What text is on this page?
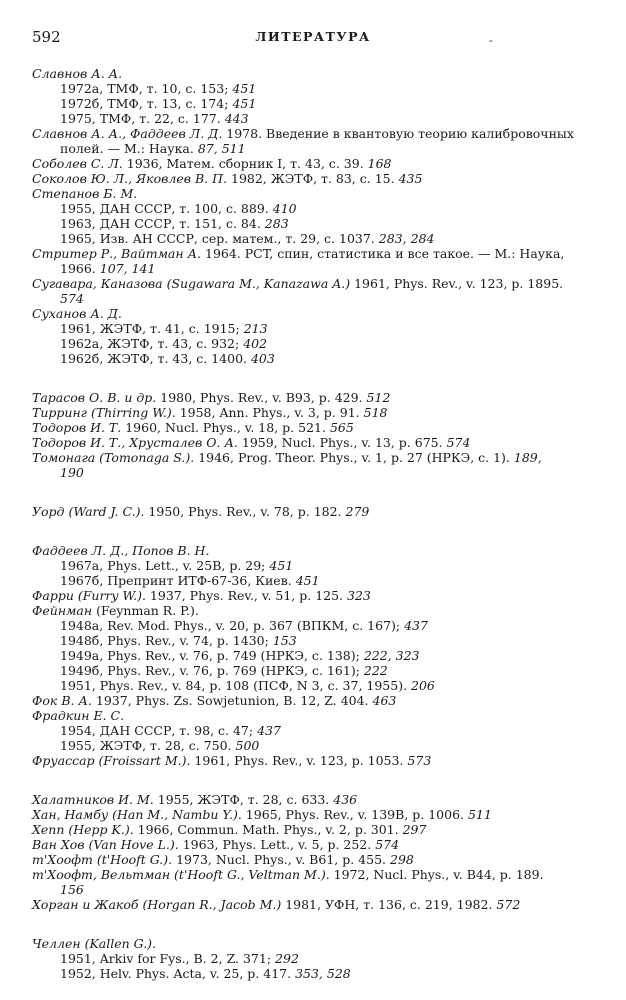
592	ЛИТЕРАТУРА	-
Славнов А. А.
1972а, ТМФ, т. 10, с. 153; 451
1972б, ТМФ, т. 13, с. 174; 451
1975, ТМФ, т. 22, с. 177. 443
Славнов А. А., Фаддеев Л. Д. 1978. Введение в квантовую теорию калибровочных
полей. — М.: Наука. 87, 511
Соболев С. Л. 1936, Матем. сборник I, т. 43, с. 39. 168
Соколов Ю. Л., Яковлев В. П. 1982, ЖЭТФ, т. 83, с. 15. 435
Степанов Б. М.
1955, ДАН СССР, т. 100, с. 889. 410
1963, ДАН СССР, т. 151, с. 84. 283
1965, Изв. АН СССР, сер. матем., т. 29, с. 1037. 283, 284
Стритер Р., Вайтман А. 1964. PCT, спин, статистика и все такое. — М.: Наука,
1966. 107, 141
Сугавара, Каназова (Sugawara M., Kanazawa A.) 1961, Phys. Rev., v. 123, p. 1895.
574
Суханов А. Д.
1961, ЖЭТФ, т. 41, с. 1915; 213
1962а, ЖЭТФ, т. 43, с. 932; 402
1962б, ЖЭТФ, т. 43, с. 1400. 403
Тарасов О. В. и др. 1980, Phys. Rev., v. B93, p. 429. 512
Тирринг (Thirring W.). 1958, Ann. Phys., v. 3, p. 91. 518
Тодоров И. Т. 1960, Nucl. Phys., v. 18, p. 521. 565
Тодоров И. Т., Хрусталев О. А. 1959, Nucl. Phys., v. 13, p. 675. 574
Томонага (Tomonaga S.). 1946, Prog. Theor. Phys., v. 1, p. 27 (НРКЭ, с. 1). 189,
190
Уорд (Ward J. C.). 1950, Phys. Rev., v. 78, p. 182. 279
Фаддеев Л. Д., Попов В. Н.
1967а, Phys. Lett., v. 25B, p. 29; 451
1967б, Препринт ИТФ-67-36, Киев. 451
Фарри (Furry W.). 1937, Phys. Rev., v. 51, p. 125. 323
Фейнман (Feynman R. P.).
1948а, Rev. Mod. Phys., v. 20, p. 367 (ВПКМ, с. 167); 437
1948б, Phys. Rev., v. 74, p. 1430; 153
1949а, Phys. Rev., v. 76, p. 749 (НРКЭ, с. 138); 222, 323
1949б, Phys. Rev., v. 76, p. 769 (НРКЭ, с. 161); 222
1951, Phys. Rev., v. 84, p. 108 (ПСФ, N 3, с. 37, 1955). 206
Фок В. А. 1937, Phys. Zs. Sowjetunion, B. 12, Z. 404. 463
Фрадкин Е. С.
1954, ДАН СССР, т. 98, с. 47; 437
1955, ЖЭТФ, т. 28, с. 750. 500
Фруассар (Froissart M.). 1961, Phys. Rev., v. 123, p. 1053. 573
Халатников И. М. 1955, ЖЭТФ, т. 28, с. 633. 436
Хан, Намбу (Han M., Nambu Y.). 1965, Phys. Rev., v. 139B, p. 1006. 511
Хепп (Hepp K.). 1966, Commun. Math. Phys., v. 2, p. 301. 297
Ван Хов (Van Hove L.). 1963, Phys. Lett., v. 5, p. 252. 574
т'Хоофт (t'Hooft G.). 1973, Nucl. Phys., v. B61, p. 455. 298
т'Хоофт, Вельтман (t'Hooft G., Veltman M.). 1972, Nucl. Phys., v. B44, p. 189.
156
Хорган и Жакоб (Horgan R., Jacob M.) 1981, УФН, т. 136, с. 219, 1982. 572
Челлен (Kallen G.).
1951, Arkiv for Fys., B. 2, Z. 371; 292
1952, Helv. Phys. Acta, v. 25, p. 417. 353, 528
